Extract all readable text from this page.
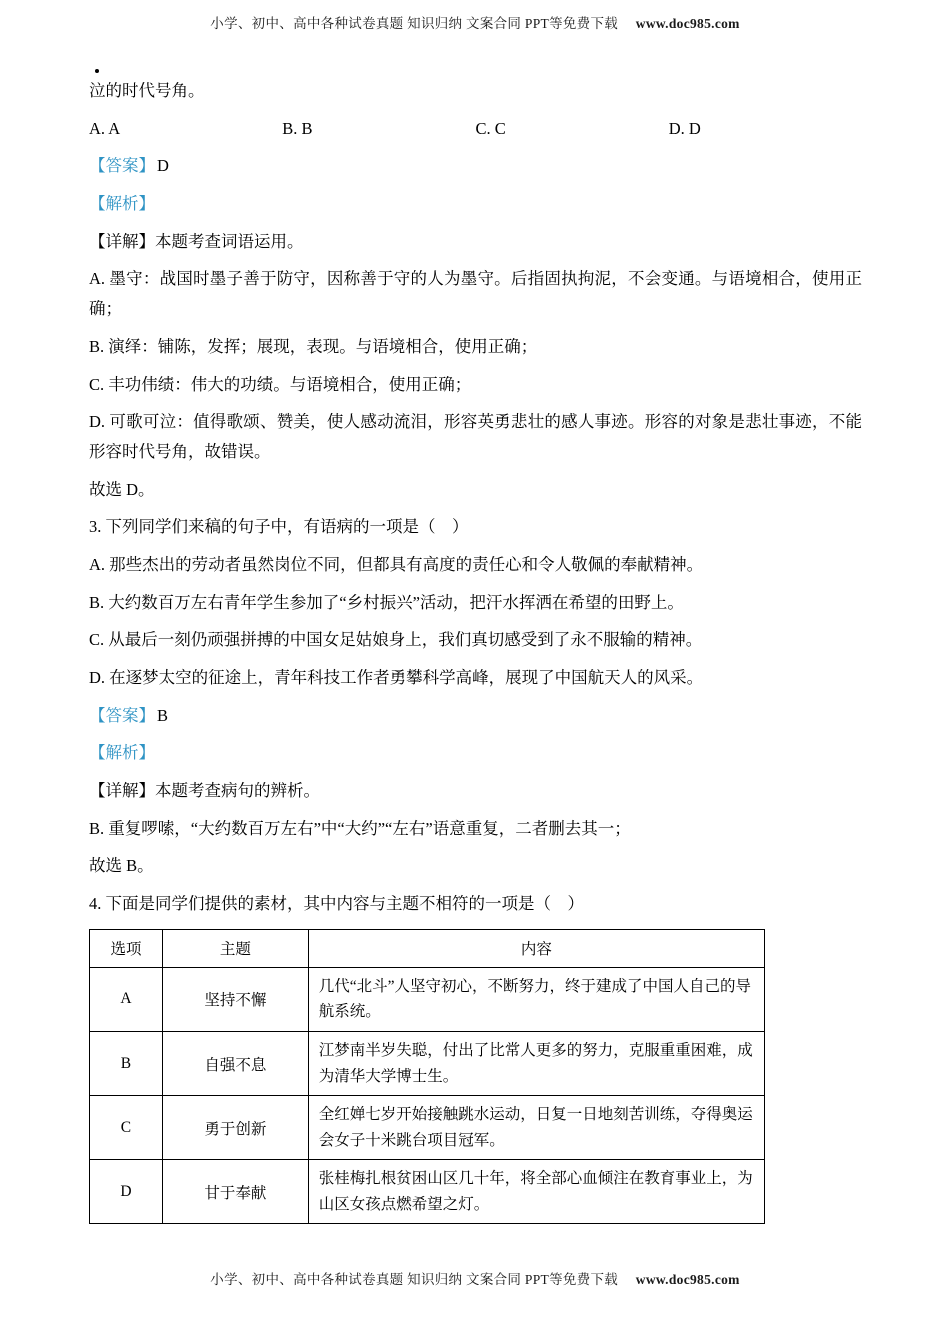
小学、初中、高中各种试卷真题 知识归纳 文案合同 PPT等免费下载 www.doc985.com

泣的时代号角。

A. A	B. B	C. C	D. D

【答案】 D

【解析】

【详解】本题考查词语运用。

A. 墨守：战国时墨子善于防守，因称善于守的人为墨守。后指固执拘泥，不会变通。与语境相合，使用正确；

B. 演绎：铺陈，发挥；展现，表现。与语境相合，使用正确；

C. 丰功伟绩：伟大的功绩。与语境相合，使用正确；

D. 可歌可泣：值得歌颂、赞美，使人感动流泪，形容英勇悲壮的感人事迹。形容的对象是悲壮事迹，不能形容时代号角，故错误。

故选 D。

3. 下列同学们来稿的句子中，有语病的一项是（　）

A. 那些杰出的劳动者虽然岗位不同，但都具有高度的责任心和令人敬佩的奉献精神。

B. 大约数百万左右青年学生参加了“乡村振兴”活动，把汗水挥洒在希望的田野上。

C. 从最后一刻仍顽强拼搏的中国女足姑娘身上，我们真切感受到了永不服输的精神。

D. 在逐梦太空的征途上，青年科技工作者勇攀科学高峰，展现了中国航天人的风采。

【答案】 B

【解析】

【详解】本题考查病句的辨析。

B. 重复啰嗦，“大约数百万左右”中“大约”“左右”语意重复，二者删去其一；

故选 B。

4. 下面是同学们提供的素材，其中内容与主题不相符的一项是（　）

选项	主题	内容
A	坚持不懈	几代“北斗”人坚守初心，不断努力，终于建成了中国人自己的导航系统。
B	自强不息	江梦南半岁失聪，付出了比常人更多的努力，克服重重困难，成为清华大学博士生。
C	勇于创新	全红婵七岁开始接触跳水运动，日复一日地刻苦训练，夺得奥运会女子十米跳台项目冠军。
D	甘于奉献	张桂梅扎根贫困山区几十年，将全部心血倾注在教育事业上，为山区女孩点燃希望之灯。
小学、初中、高中各种试卷真题 知识归纳 文案合同 PPT等免费下载 www.doc985.com
